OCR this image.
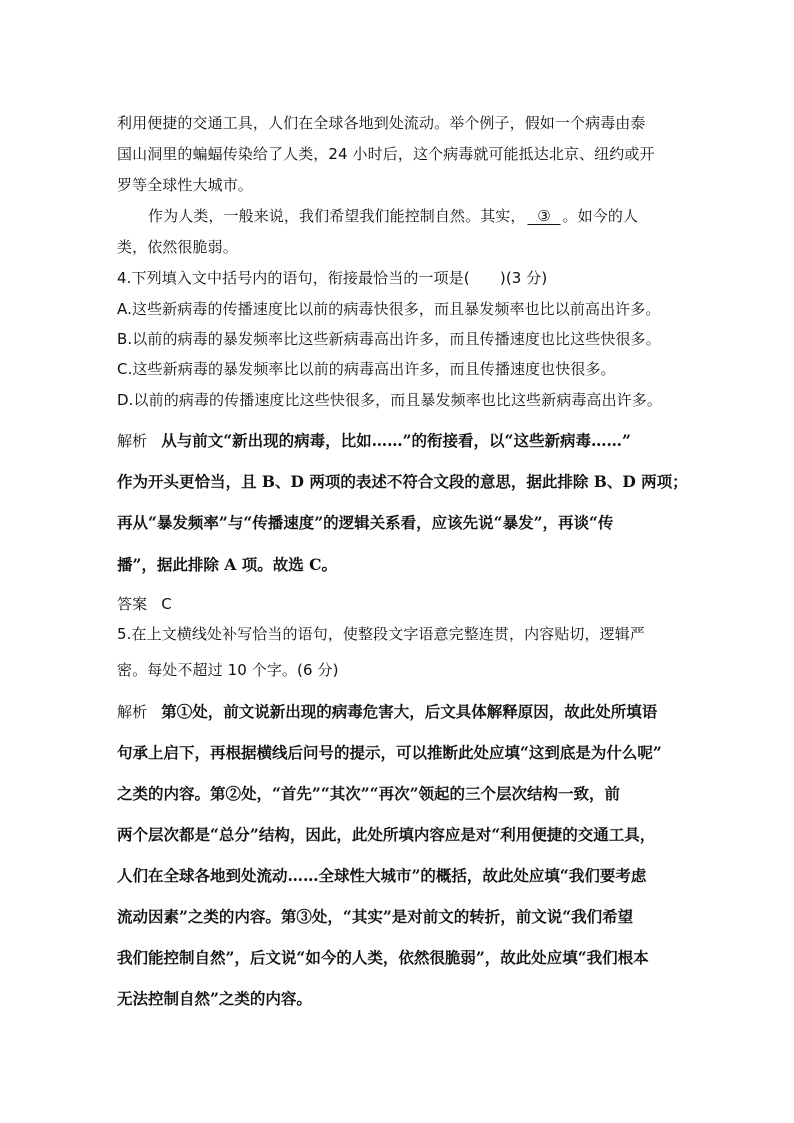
利用便捷的交通工具，人们在全球各地到处流动。举个例子，假如一个病毒由泰
国山洞里的蝙蝠传染给了人类，24 小时后，这个病毒就可能抵达北京、纽约或开
罗等全球性大城市。
作为人类，一般来说，我们希望我们能控制自然。其实，  ③  。如今的人
类，依然很脆弱。
4.下列填入文中括号内的语句，衔接最恰当的一项是(　　)(3 分)
A.这些新病毒的传播速度比以前的病毒快很多，而且暴发频率也比以前高出许多。
B.以前的病毒的暴发频率比这些新病毒高出许多，而且传播速度也比这些快很多。
C.这些新病毒的暴发频率比以前的病毒高出许多，而且传播速度也快很多。
D.以前的病毒的传播速度比这些快很多，而且暴发频率也比这些新病毒高出许多。
解析 从与前文“新出现的病毒，比如……”的衔接看，以“这些新病毒……”
作为开头更恰当，且 B、D 两项的表述不符合文段的意思，据此排除 B、D 两项；
再从“暴发频率”与“传播速度”的逻辑关系看，应该先说“暴发”，再谈“传
播”，据此排除 A 项。故选 C。
答案 C
5.在上文横线处补写恰当的语句，使整段文字语意完整连贯，内容贴切，逻辑严
密。每处不超过 10 个字。(6 分)
解析 第①处，前文说新出现的病毒危害大，后文具体解释原因，故此处所填语
句承上启下，再根据横线后问号的提示，可以推断此处应填“这到底是为什么呢”
之类的内容。第②处，“首先”“其次”“再次”领起的三个层次结构一致，前
两个层次都是“总分”结构，因此，此处所填内容应是对“利用便捷的交通工具，
人们在全球各地到处流动……全球性大城市”的概括，故此处应填“我们要考虑
流动因素”之类的内容。第③处，“其实”是对前文的转折，前文说“我们希望
我们能控制自然”，后文说“如今的人类，依然很脆弱”，故此处应填“我们根本
无法控制自然”之类的内容。
